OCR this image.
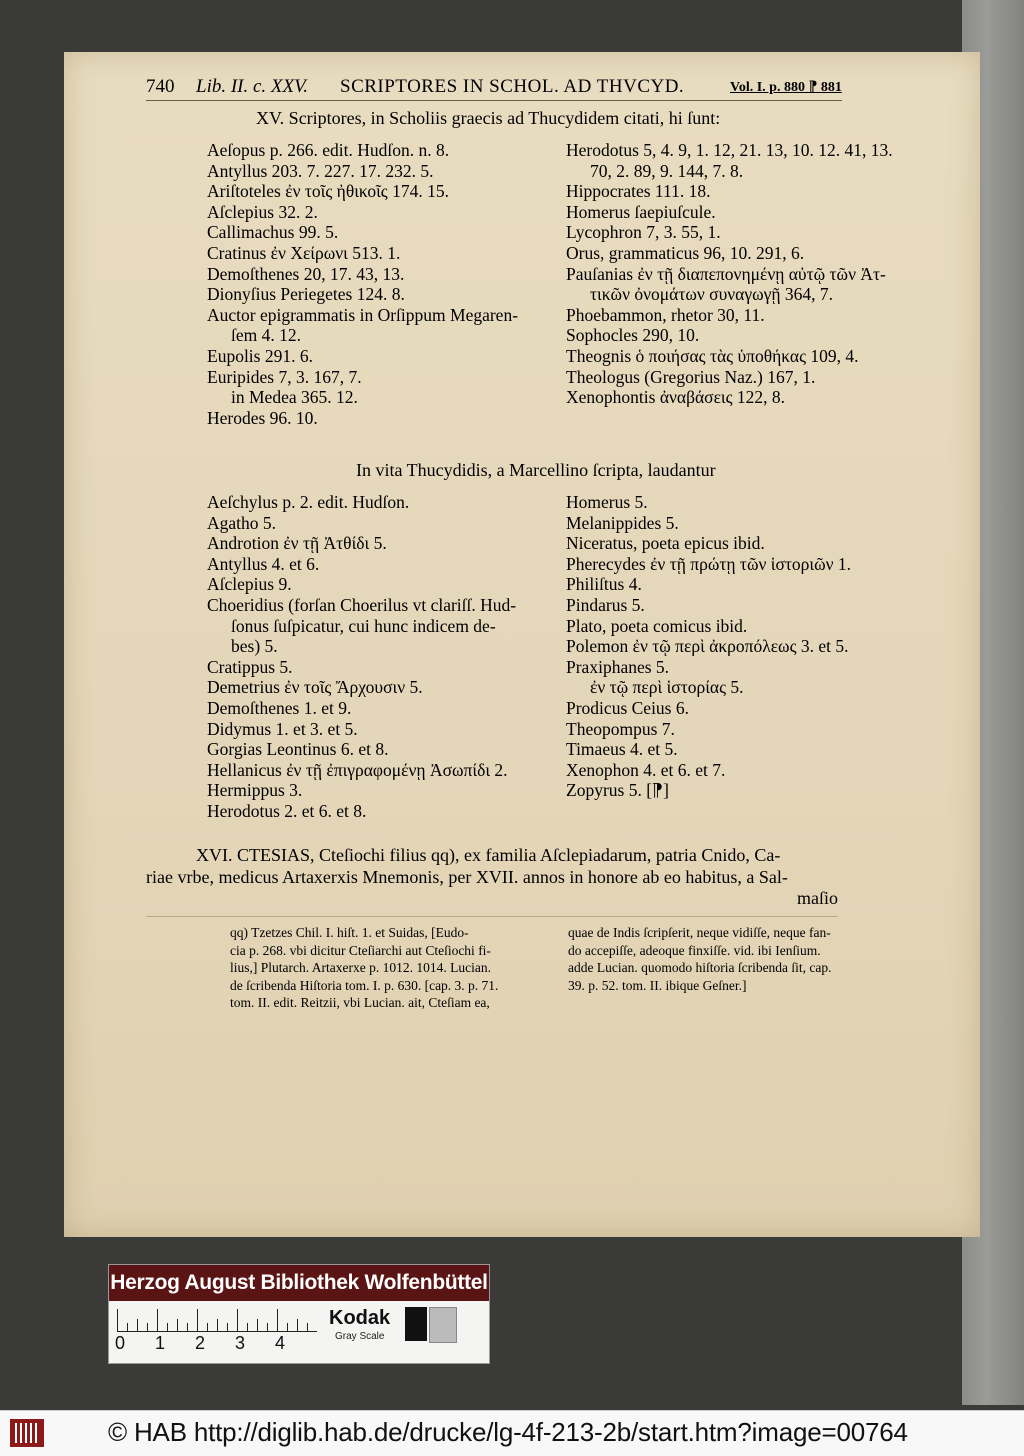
740 Lib. II. c. XXV. SCRIPTORES IN SCHOL. AD THVCYD.	Vol. I. p. 880 ⁋ 881
XV. Scriptores, in Scholiis graecis ad Thucydidem citati, hi ſunt:
Aeſopus p. 266. edit. Hudſon. n. 8.
Antyllus 203. 7. 227. 17. 232. 5.
Ariſtoteles ἐν τοῖς ἠθικοῖς 174. 15.
Aſclepius 32. 2.
Callimachus 99. 5.
Cratinus ἐν Χείρωνι 513. 1.
Demoſthenes 20, 17. 43, 13.
Dionyſius Periegetes 124. 8.
Auctor epigrammatis in Orſippum Megaren-
ſem 4. 12.
Eupolis 291. 6.
Euripides 7, 3. 167, 7.
in Medea 365. 12.
Herodes 96. 10.
Herodotus 5, 4. 9, 1. 12, 21. 13, 10. 12. 41, 13.
70, 2. 89, 9. 144, 7. 8.
Hippocrates 111. 18.
Homerus ſaepiuſcule.
Lycophron 7, 3. 55, 1.
Orus, grammaticus 96, 10. 291, 6.
Pauſanias ἐν τῇ διαπεπονημένῃ αὐτῷ τῶν Ἀτ-
τικῶν ὀνομάτων συναγωγῇ 364, 7.
Phoebammon, rhetor 30, 11.
Sophocles 290, 10.
Theognis ὁ ποιήσας τὰς ὑποθήκας 109, 4.
Theologus (Gregorius Naz.) 167, 1.
Xenophontis ἀναβάσεις 122, 8.
In vita Thucydidis, a Marcellino ſcripta, laudantur
Aeſchylus p. 2. edit. Hudſon.
Agatho 5.
Androtion ἐν τῇ Ἀτθίδι 5.
Antyllus 4. et 6.
Aſclepius 9.
Choeridius (forſan Choerilus vt clariſſ. Hud-
ſonus ſuſpicatur, cui hunc indicem de-
bes) 5.
Cratippus 5.
Demetrius ἐν τοῖς Ἄρχουσιν 5.
Demoſthenes 1. et 9.
Didymus 1. et 3. et 5.
Gorgias Leontinus 6. et 8.
Hellanicus ἐν τῇ ἐπιγραφομένῃ Ἀσωπίδι 2.
Hermippus 3.
Herodotus 2. et 6. et 8.
Homerus 5.
Melanippides 5.
Niceratus, poeta epicus ibid.
Pherecydes ἐν τῇ πρώτῃ τῶν ἱστοριῶν 1.
Philiſtus 4.
Pindarus 5.
Plato, poeta comicus ibid.
Polemon ἐν τῷ περὶ ἀκροπόλεως 3. et 5.
Praxiphanes 5.
ἐν τῷ περὶ ἱστορίας 5.
Prodicus Ceius 6.
Theopompus 7.
Timaeus 4. et 5.
Xenophon 4. et 6. et 7.
Zopyrus 5. [⁋]
XVI. CTESIAS, Cteſiochi filius qq), ex familia Aſclepiadarum, patria Cnido, Ca-
riae vrbe, medicus Artaxerxis Mnemonis, per XVII. annos in honore ab eo habitus, a Sal-
maſio
qq) Tzetzes Chil. I. hiſt. 1. et Suidas, [Eudo-
cia p. 268. vbi dicitur Cteſiarchi aut Cteſiochi fi-
lius,] Plutarch. Artaxerxe p. 1012. 1014. Lucian.
de ſcribenda Hiſtoria tom. I. p. 630. [cap. 3. p. 71.
tom. II. edit. Reitzii, vbi Lucian. ait, Cteſiam ea,
quae de Indis ſcripſerit, neque vidiſſe, neque fan-
do accepiſſe, adeoque finxiſſe. vid. ibi Ienſium.
adde Lucian. quomodo hiſtoria ſcribenda ſit, cap.
39. p. 52. tom. II. ibique Geſner.]
Herzog August Bibliothek Wolfenbüttel
0 1 2 3 4
Kodak
Gray Scale
© HAB http://diglib.hab.de/drucke/lg-4f-213-2b/start.htm?image=00764
